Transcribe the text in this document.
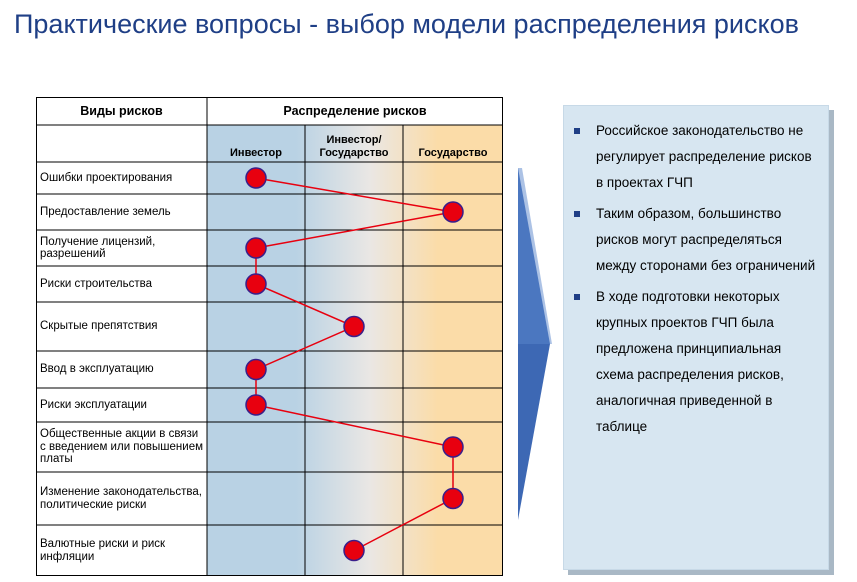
Практические вопросы - выбор модели распределения рисков
Виды рисков	Распределение рисков
Инвестор
Инвестор/ Государство	Государство
Ошибки проектирования
Предоставление земель
Получение лицензий, разрешений
Риски строительства
Скрытые препятствия
Ввод в эксплуатацию
Риски эксплуатации
Общественные акции в связи с введением или повышением платы
Изменение законодательства, политические риски
Валютные риски и риск инфляции
Российское законодательство не регулирует распределение рисков в проектах ГЧП
Таким образом, большинство рисков могут распределяться между сторонами без ограничений
В ходе подготовки некоторых крупных проектов ГЧП была предложена принципиальная схема распределения рисков, аналогичная приведенной в таблице
